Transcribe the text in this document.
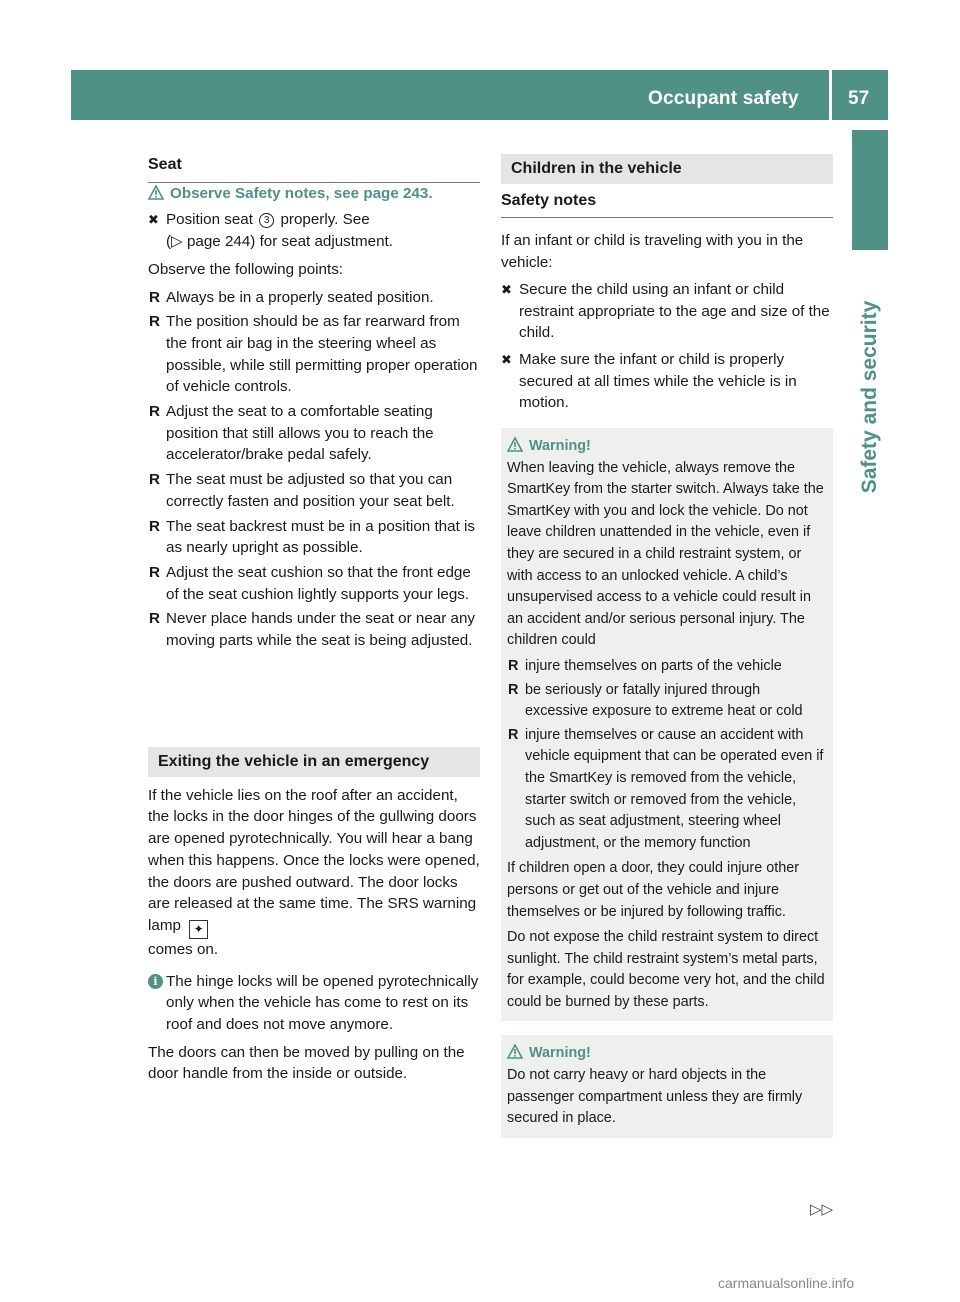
Occupant safety	57
Safety and security

Seat

Observe Safety notes, see page 243.

✖ Position seat 3 properly. See
(▷ page 244) for seat adjustment.

Observe the following points:

R Always be in a properly seated position.
R The position should be as far rearward from the front air bag in the steering wheel as possible, while still permitting proper operation of vehicle controls.
R Adjust the seat to a comfortable seating position that still allows you to reach the accelerator/brake pedal safely.
R The seat must be adjusted so that you can correctly fasten and position your seat belt.
R The seat backrest must be in a position that is as nearly upright as possible.
R Adjust the seat cushion so that the front edge of the seat cushion lightly supports your legs.
R Never place hands under the seat or near any moving parts while the seat is being adjusted.

Exiting the vehicle in an emergency

If the vehicle lies on the roof after an accident, the locks in the door hinges of the gullwing doors are opened pyrotechnically. You will hear a bang when this happens. Once the locks were opened, the doors are pushed outward. The door locks are released at the same time. The SRS warning lamp ✦
comes on.

i The hinge locks will be opened pyrotechnically only when the vehicle has come to rest on its roof and does not move anymore.

The doors can then be moved by pulling on the door handle from the inside or outside.

Children in the vehicle

Safety notes

If an infant or child is traveling with you in the vehicle:

✖ Secure the child using an infant or child restraint appropriate to the age and size of the child.
✖ Make sure the infant or child is properly secured at all times while the vehicle is in motion.

Warning!

When leaving the vehicle, always remove the SmartKey from the starter switch. Always take the SmartKey with you and lock the vehicle. Do not leave children unattended in the vehicle, even if they are secured in a child restraint system, or with access to an unlocked vehicle. A child’s unsupervised access to a vehicle could result in an accident and/or serious personal injury. The children could

R injure themselves on parts of the vehicle
R be seriously or fatally injured through excessive exposure to extreme heat or cold
R injure themselves or cause an accident with vehicle equipment that can be operated even if the SmartKey is removed from the vehicle, starter switch or removed from the vehicle, such as seat adjustment, steering wheel adjustment, or the memory function

If children open a door, they could injure other persons or get out of the vehicle and injure themselves or be injured by following traffic.

Do not expose the child restraint system to direct sunlight. The child restraint system’s metal parts, for example, could become very hot, and the child could be burned by these parts.

Warning!

Do not carry heavy or hard objects in the passenger compartment unless they are firmly secured in place.

▷▷
carmanualsonline.info
